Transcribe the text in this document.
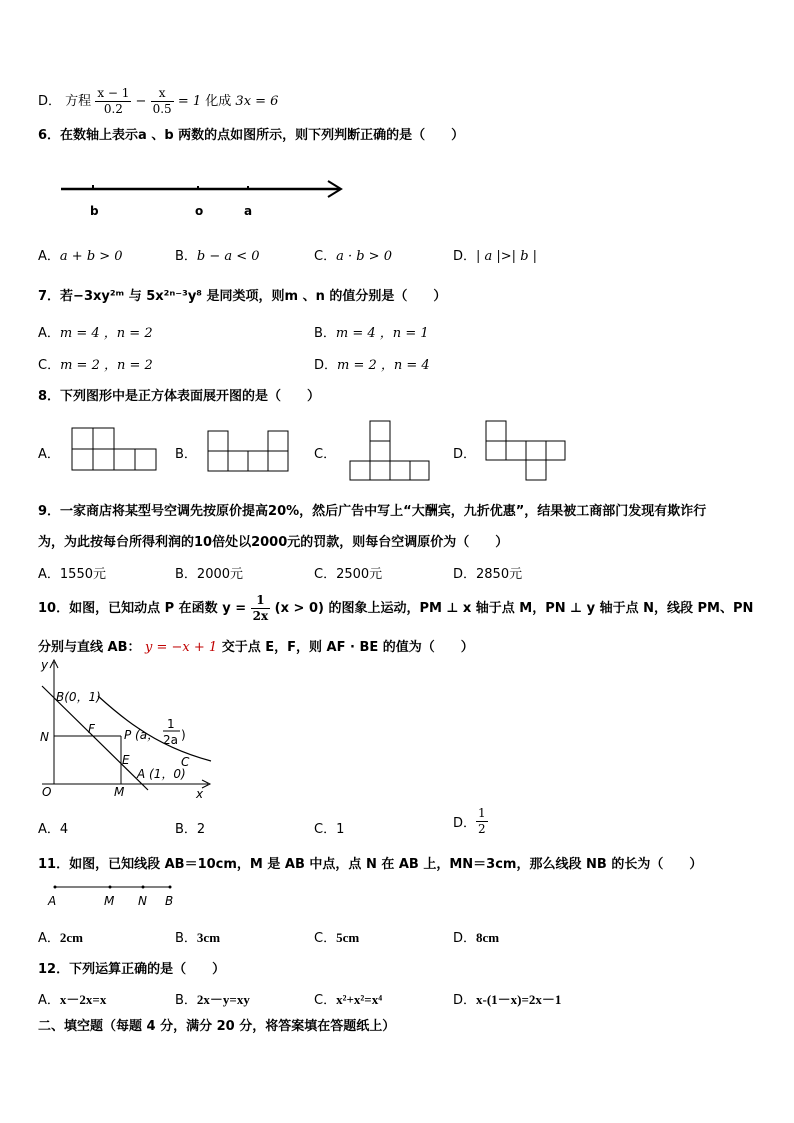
D． 方程 $\frac{x - 1}{0.2} - \frac{x}{0.5} = 1$ 化成 3x = 6
6．在数轴上表示a 、b 两数的点如图所示，则下列判断正确的是（　　）
b	o	a
A．a + b > 0	B．b − a < 0	C．a · b > 0	D．| a |>| b |
7．若−3xy²ᵐ 与 5x²ⁿ⁻³y⁸ 是同类项，则m 、n 的值分别是（　　）
A．m = 4 ，n = 2	B．m = 4 ，n = 1
C．m = 2 ，n = 2	D．m = 2 ，n = 4
8．下列图形中是正方体表面展开图的是（　　）
A．	B．	C．	D．
9．一家商店将某型号空调先按原价提高20%，然后广告中写上“大酬宾，九折优惠”，结果被工商部门发现有欺诈行
为，为此按每台所得利润的10倍处以2000元的罚款，则每台空调原价为（　　）
A．1550元	B．2000元	C．2500元	D．2850元
10．如图，已知动点 P 在函数 $y = \frac{1}{2x} (x > 0)$ 的图象上运动，PM ⊥ x 轴于点 M，PN ⊥ y 轴于点 N，线段 PM、PN
分别与直线 AB： y = −x + 1 交于点 E，F，则 AF · BE 的值为（　　）
y
x
O
B(0，1)
N
F P (a，
1
2a )
E	C
A (1，0)
M
A．4	B．2	C．1	D． $\frac{1}{2}$
11．如图，已知线段 AB＝10cm，M 是 AB 中点，点 N 在 AB 上，MN＝3cm，那么线段 NB 的长为（　　）
A	M N B
A．2cm	B．3cm	C．5cm	D．8cm
12．下列运算正确的是（　　）
A．x－2x=x	B．2x－y=xy	C．x²+x²=x⁴	D．x-(1－x)=2x－1
二、填空题（每题 4 分，满分 20 分，将答案填在答题纸上）
